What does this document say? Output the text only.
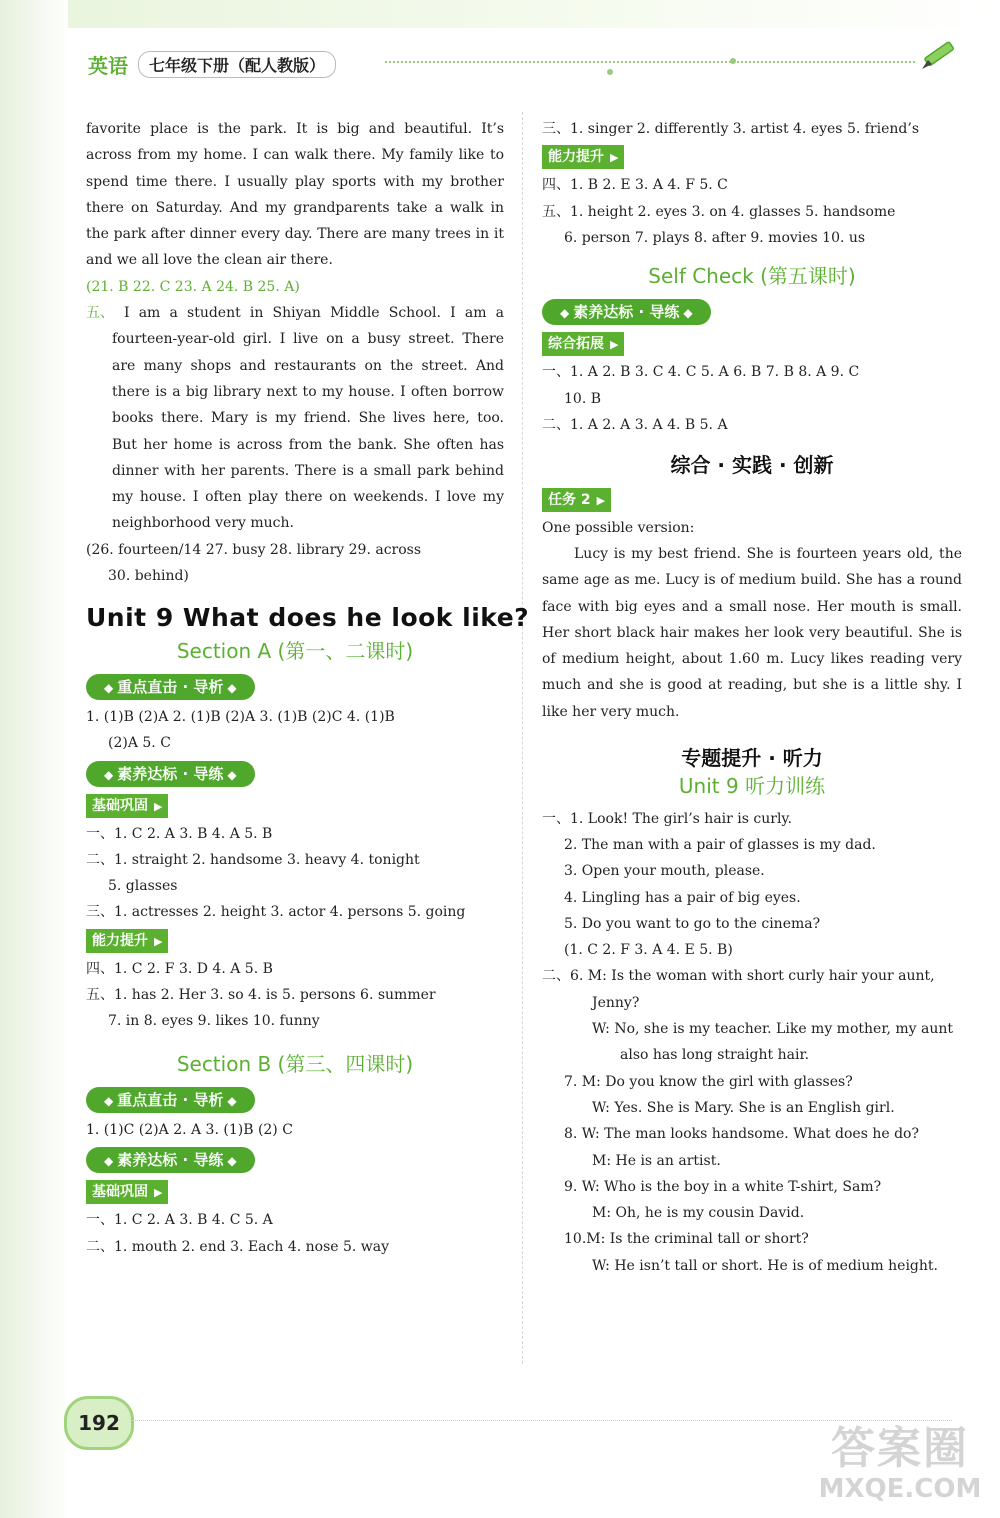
英语	七年级下册（配人教版）
favorite place is the park. It is big and beautiful. It’s across from my home. I can walk there. My family like to spend time there. I usually play sports with my brother there on Saturday. And my grandparents take a walk in the park after dinner every day. There are many trees in it and we all love the clean air there.
(21. B 22. C 23. A 24. B 25. A)
五、 I am a student in Shiyan Middle School. I am a fourteen-year-old girl. I live on a busy street. There are many shops and restaurants on the street. And there is a big library next to my house. I often borrow books there. Mary is my friend. She lives here, too. But her home is across from the bank. She often has dinner with her parents. There is a small park behind my house. I often play there on weekends. I love my neighborhood very much.
(26. fourteen/14 27. busy 28. library 29. across
30. behind)
Unit 9 What does he look like?
Section A (第一、二课时)
◆ 重点直击 · 导析 ◆
1. (1)B (2)A 2. (1)B (2)A 3. (1)B (2)C 4. (1)B
(2)A 5. C
◆ 素养达标 · 导练 ◆
基础巩固 ▶
一、1. C 2. A 3. B 4. A 5. B
二、1. straight 2. handsome 3. heavy 4. tonight
5. glasses
三、1. actresses 2. height 3. actor 4. persons 5. going
能力提升 ▶
四、1. C 2. F 3. D 4. A 5. B
五、1. has 2. Her 3. so 4. is 5. persons 6. summer
7. in 8. eyes 9. likes 10. funny
Section B (第三、四课时)
◆ 重点直击 · 导析 ◆
1. (1)C (2)A 2. A 3. (1)B (2) C
◆ 素养达标 · 导练 ◆
基础巩固 ▶
一、1. C 2. A 3. B 4. C 5. A
二、1. mouth 2. end 3. Each 4. nose 5. way
三、1. singer 2. differently 3. artist 4. eyes 5. friend’s
能力提升 ▶
四、1. B 2. E 3. A 4. F 5. C
五、1. height 2. eyes 3. on 4. glasses 5. handsome
6. person 7. plays 8. after 9. movies 10. us
Self Check (第五课时)
◆ 素养达标 · 导练 ◆
综合拓展 ▶
一、1. A 2. B 3. C 4. C 5. A 6. B 7. B 8. A 9. C
10. B
二、1. A 2. A 3. A 4. B 5. A
综合 · 实践 · 创新
任务 2 ▶
One possible version:
Lucy is my best friend. She is fourteen years old, the same age as me. Lucy is of medium build. She has a round face with big eyes and a small nose. Her mouth is small. Her short black hair makes her look very beautiful. She is of medium height, about 1.60 m. Lucy likes reading very much and she is good at reading, but she is a little shy. I like her very much.
专题提升 · 听力
Unit 9 听力训练
一、1. Look! The girl’s hair is curly.
2. The man with a pair of glasses is my dad.
3. Open your mouth, please.
4. Lingling has a pair of big eyes.
5. Do you want to go to the cinema?
(1. C 2. F 3. A 4. E 5. B)
二、6. M: Is the woman with short curly hair your aunt,
Jenny?
W: No, she is my teacher. Like my mother, my aunt
also has long straight hair.
7. M: Do you know the girl with glasses?
W: Yes. She is Mary. She is an English girl.
8. W: The man looks handsome. What does he do?
M: He is an artist.
9. W: Who is the boy in a white T-shirt, Sam?
M: Oh, he is my cousin David.
10.M: Is the criminal tall or short?
W: He isn’t tall or short. He is of medium height.
192	答案圈
MXQE.COM
